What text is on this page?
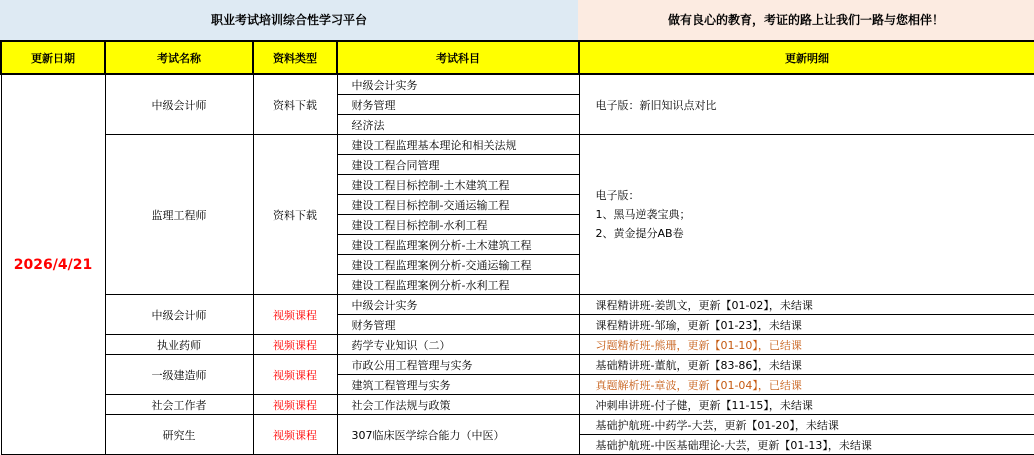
职业考试培训综合性学习平台	做有良心的教育，考证的路上让我们一路与您相伴！
更新日期	考试名称	资料类型	考试科目	更新明细
2026/4/21	中级会计师	资料下载	中级会计实务	电子版：新旧知识点对比
			财务管理	
			经济法	
	监理工程师	资料下载	建设工程监理基本理论和相关法规	电子版：
1、黑马逆袭宝典；
2、黄金提分AB卷

			建设工程合同管理	
			建设工程目标控制-土木建筑工程	
			建设工程目标控制-交通运输工程	
			建设工程目标控制-水利工程	
			建设工程监理案例分析-土木建筑工程	
			建设工程监理案例分析-交通运输工程	
			建设工程监理案例分析-水利工程	
	中级会计师	视频课程	中级会计实务	课程精讲班-姜凯文，更新【01-02】，未结课
			财务管理	课程精讲班-邹瑜，更新【01-23】，未结课
	执业药师	视频课程	药学专业知识（二）	习题精析班-熊珊，更新【01-10】，已结课
	一级建造师	视频课程	市政公用工程管理与实务	基础精讲班-董航，更新【83-86】，未结课
			建筑工程管理与实务	真题解析班-章波，更新【01-04】，已结课
	社会工作者	视频课程	社会工作法规与政策	冲刺串讲班-付子健，更新【11-15】，未结课
	研究生	视频课程	307临床医学综合能力（中医）	基础护航班-中药学-大芸，更新【01-20】，未结课
				基础护航班-中医基础理论-大芸，更新【01-13】，未结课
